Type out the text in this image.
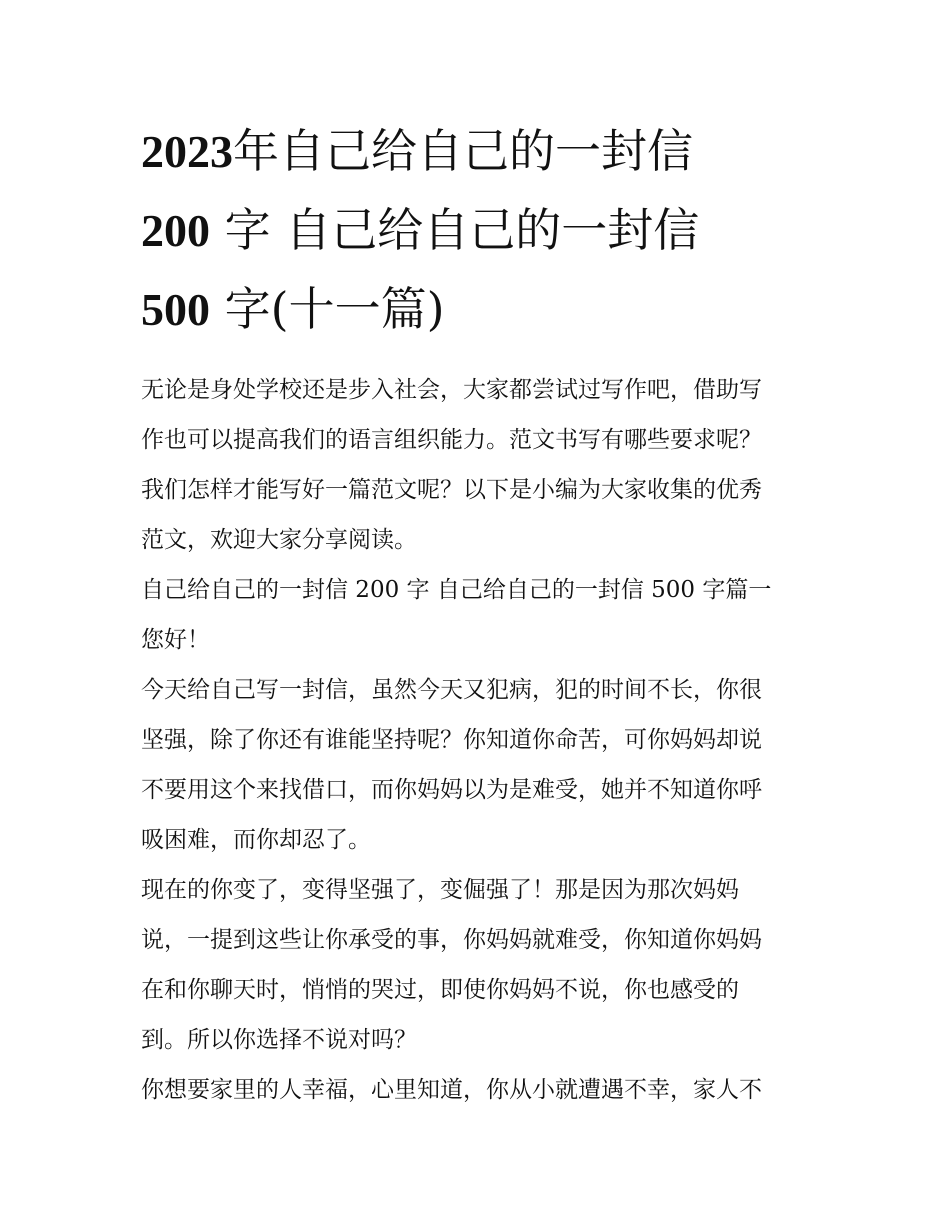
2023年自己给自己的一封信
200 字 自己给自己的一封信
500 字(十一篇)

无论是身处学校还是步入社会，大家都尝试过写作吧，借助写
作也可以提高我们的语言组织能力。范文书写有哪些要求呢？
我们怎样才能写好一篇范文呢？以下是小编为大家收集的优秀
范文，欢迎大家分享阅读。

自己给自己的一封信 200 字 自己给自己的一封信 500 字篇一

您好！

今天给自己写一封信，虽然今天又犯病，犯的时间不长，你很
坚强，除了你还有谁能坚持呢？你知道你命苦，可你妈妈却说
不要用这个来找借口，而你妈妈以为是难受，她并不知道你呼
吸困难，而你却忍了。

现在的你变了，变得坚强了，变倔强了！那是因为那次妈妈
说，一提到这些让你承受的事，你妈妈就难受，你知道你妈妈
在和你聊天时，悄悄的哭过，即使你妈妈不说，你也感受的
到。所以你选择不说对吗？

你想要家里的人幸福，心里知道，你从小就遭遇不幸，家人不
